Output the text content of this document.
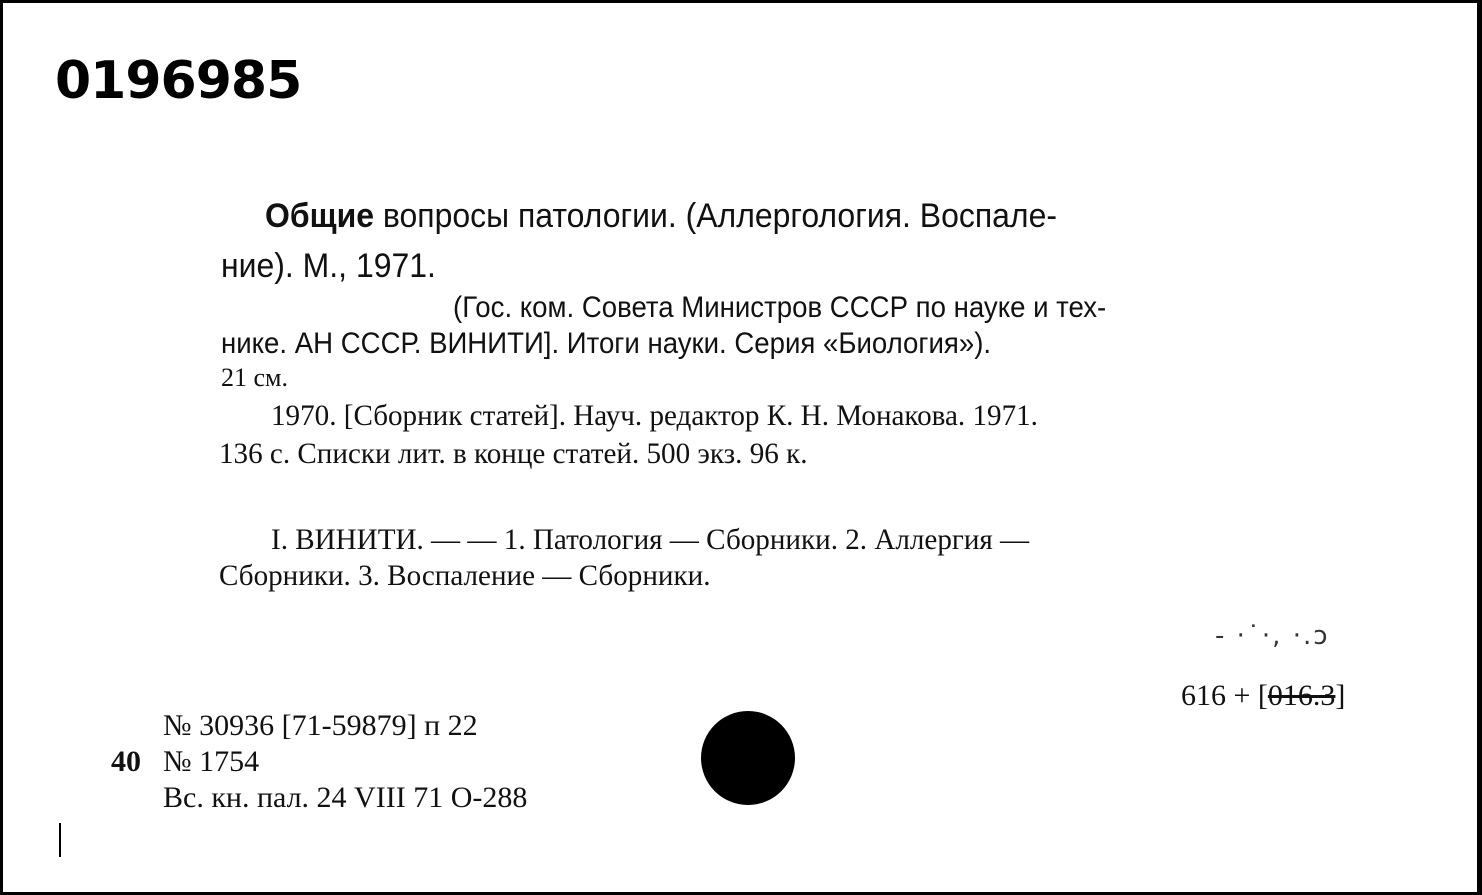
0196985
Общие вопросы патологии. (Аллергология. Воспале-
ние). М., 1971.
(Гос. ком. Совета Министров СССР по науке и тех-
нике. АН СССР. ВИНИТИ]. Итоги науки. Серия «Биология»).
21 см.
1970. [Сборник статей]. Науч. редактор К. Н. Монакова. 1971.
136 с. Списки лит. в конце статей. 500 экз. 96 к.
I. ВИНИТИ. — — 1. Патология — Сборники. 2. Аллергия —
Сборники. 3. Воспаление — Сборники.
- ·˙·, ·.ɔ
616 + [016.3]
№ 30936 [71-59879] п 22
40 № 1754
Вс. кн. пал. 24 VIII 71 О-288
